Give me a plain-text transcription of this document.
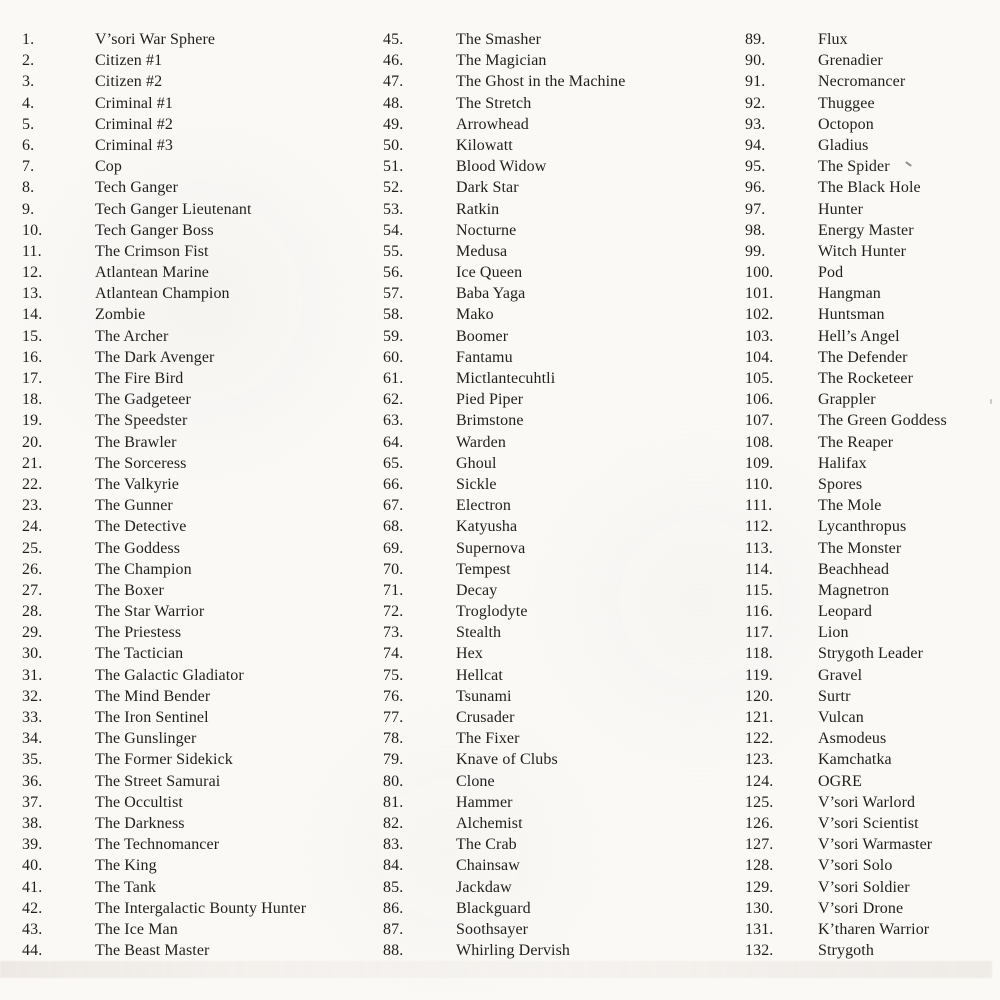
1.	V’sori War Sphere
2.	Citizen #1
3.	Citizen #2
4.	Criminal #1
5.	Criminal #2
6.	Criminal #3
7.	Cop
8.	Tech Ganger
9.	Tech Ganger Lieutenant
10.	Tech Ganger Boss
11.	The Crimson Fist
12.	Atlantean Marine
13.	Atlantean Champion
14.	Zombie
15.	The Archer
16.	The Dark Avenger
17.	The Fire Bird
18.	The Gadgeteer
19.	The Speedster
20.	The Brawler
21.	The Sorceress
22.	The Valkyrie
23.	The Gunner
24.	The Detective
25.	The Goddess
26.	The Champion
27.	The Boxer
28.	The Star Warrior
29.	The Priestess
30.	The Tactician
31.	The Galactic Gladiator
32.	The Mind Bender
33.	The Iron Sentinel
34.	The Gunslinger
35.	The Former Sidekick
36.	The Street Samurai
37.	The Occultist
38.	The Darkness
39.	The Technomancer
40.	The King
41.	The Tank
42.	The Intergalactic Bounty Hunter
43.	The Ice Man
44.	The Beast Master
45.	The Smasher
46.	The Magician
47.	The Ghost in the Machine
48.	The Stretch
49.	Arrowhead
50.	Kilowatt
51.	Blood Widow
52.	Dark Star
53.	Ratkin
54.	Nocturne
55.	Medusa
56.	Ice Queen
57.	Baba Yaga
58.	Mako
59.	Boomer
60.	Fantamu
61.	Mictlantecuhtli
62.	Pied Piper
63.	Brimstone
64.	Warden
65.	Ghoul
66.	Sickle
67.	Electron
68.	Katyusha
69.	Supernova
70.	Tempest
71.	Decay
72.	Troglodyte
73.	Stealth
74.	Hex
75.	Hellcat
76.	Tsunami
77.	Crusader
78.	The Fixer
79.	Knave of Clubs
80.	Clone
81.	Hammer
82.	Alchemist
83.	The Crab
84.	Chainsaw
85.	Jackdaw
86.	Blackguard
87.	Soothsayer
88.	Whirling Dervish
89.	Flux
90.	Grenadier
91.	Necromancer
92.	Thuggee
93.	Octopon
94.	Gladius
95.	The Spider
96.	The Black Hole
97.	Hunter
98.	Energy Master
99.	Witch Hunter
100.	Pod
101.	Hangman
102.	Huntsman
103.	Hell’s Angel
104.	The Defender
105.	The Rocketeer
106.	Grappler
107.	The Green Goddess
108.	The Reaper
109.	Halifax
110.	Spores
111.	The Mole
112.	Lycanthropus
113.	The Monster
114.	Beachhead
115.	Magnetron
116.	Leopard
117.	Lion
118.	Strygoth Leader
119.	Gravel
120.	Surtr
121.	Vulcan
122.	Asmodeus
123.	Kamchatka
124.	OGRE
125.	V’sori Warlord
126.	V’sori Scientist
127.	V’sori Warmaster
128.	V’sori Solo
129.	V’sori Soldier
130.	V’sori Drone
131.	K’tharen Warrior
132.	Strygoth
